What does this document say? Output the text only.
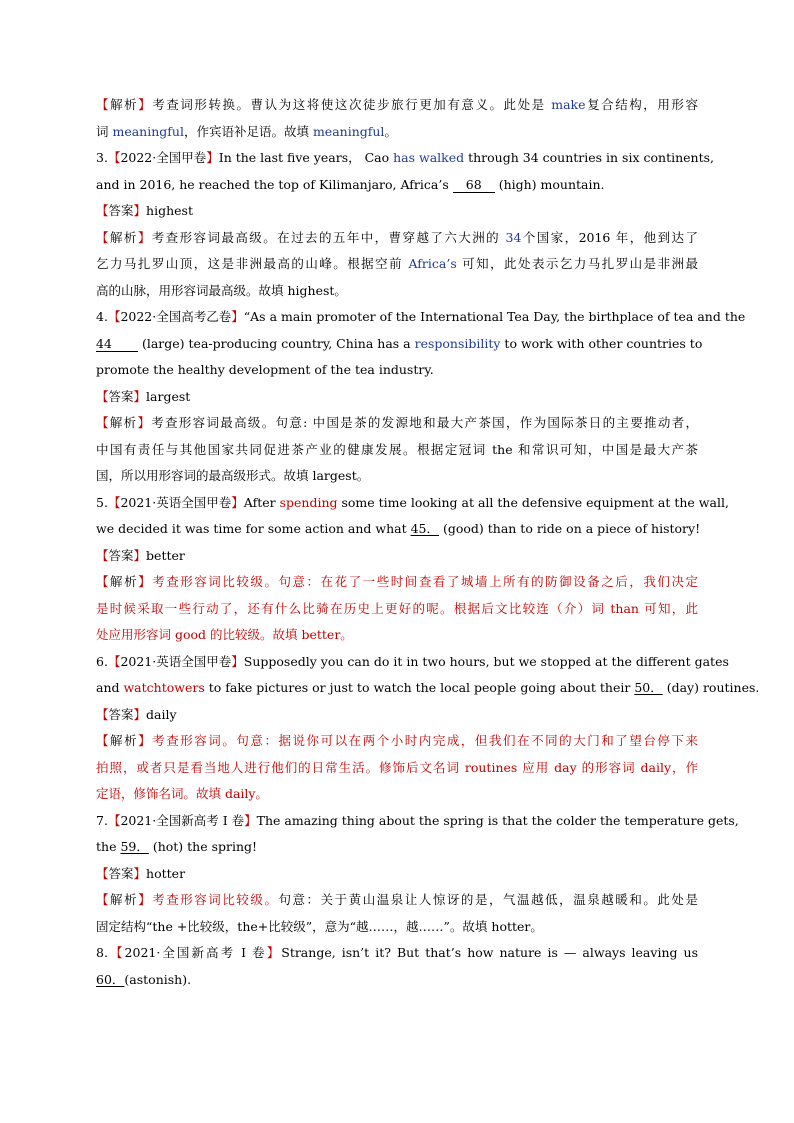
【解析】考查词形转换。曹认为这将使这次徒步旅行更加有意义。此处是 make复合结构，用形容
词 meaningful，作宾语补足语。故填 meaningful。
3.【2022·全国甲卷】In the last five years， Cao has walked through 34 countries in six continents,
and in 2016, he reached the top of Kilimanjaro, Africa’s 68 (high) mountain.
【答案】highest
【解析】考查形容词最高级。在过去的五年中，曹穿越了六大洲的 34个国家，2016 年，他到达了
乞力马扎罗山顶，这是非洲最高的山峰。根据空前 Africa’s 可知，此处表示乞力马扎罗山是非洲最
高的山脉，用形容词最高级。故填 highest。
4.【2022·全国高考乙卷】“As a main promoter of the International Tea Day, the birthplace of tea and the
44 (large) tea-producing country, China has a responsibility to work with other countries to
promote the healthy development of the tea industry.
【答案】largest
【解析】考查形容词最高级。句意: 中国是茶的发源地和最大产茶国，作为国际茶日的主要推动者，
中国有责任与其他国家共同促进茶产业的健康发展。根据定冠词 the 和常识可知，中国是最大产茶
国，所以用形容词的最高级形式。故填 largest。
5.【2021·英语全国甲卷】After spending some time looking at all the defensive equipment at the wall,
we decided it was time for some action and what 45． (good) than to ride on a piece of history!
【答案】better
【解析】考查形容词比较级。句意：在花了一些时间查看了城墙上所有的防御设备之后，我们决定
是时候采取一些行动了，还有什么比骑在历史上更好的呢。根据后文比较连（介）词 than 可知，此
处应用形容词 good 的比较级。故填 better。
6.【2021·英语全国甲卷】Supposedly you can do it in two hours, but we stopped at the different gates
and watchtowers to fake pictures or just to watch the local people going about their 50． (day) routines.
【答案】daily
【解析】考查形容词。句意：据说你可以在两个小时内完成，但我们在不同的大门和了望台停下来
拍照，或者只是看当地人进行他们的日常生活。修饰后文名词 routines 应用 day 的形容词 daily，作
定语，修饰名词。故填 daily。
7.【2021·全国新高考 I 卷】The amazing thing about the spring is that the colder the temperature gets,
the 59． (hot) the spring!
【答案】hotter
【解析】考查形容词比较级。句意：关于黄山温泉让人惊讶的是，气温越低，温泉越暖和。此处是
固定结构“the +比较级，the+比较级”，意为“越……，越……”。故填 hotter。
8.【2021·全国新高考 I 卷】Strange, isn’t it? But that’s how nature is — always leaving us
60．(astonish).
